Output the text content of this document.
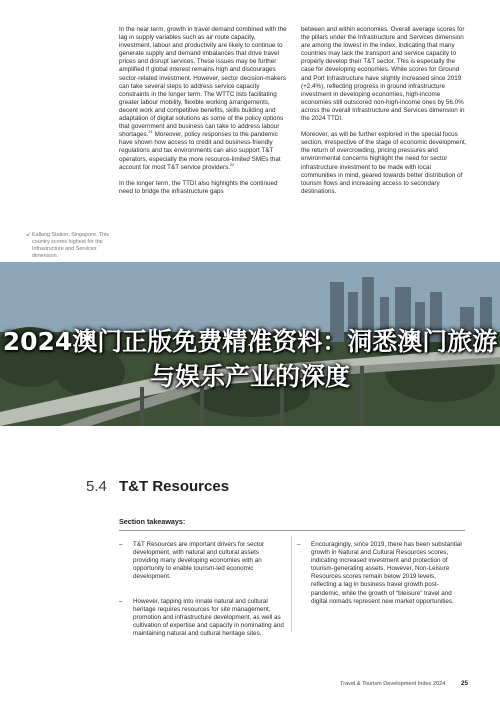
↙ Kallang Station, Singapore. This country scores highest for the Infrastructure and Services dimension.

In the near term, growth in travel demand combined with the lag in supply variables such as air route capacity, investment, labour and productivity are likely to continue to generate supply and demand imbalances that drive travel prices and disrupt services. These issues may be further amplified if global interest remains high and discourages sector-related investment. However, sector decision-makers can take several steps to address service capacity constraints in the longer term. The WTTC lists facilitating greater labour mobility, flexible working arrangements, decent work and competitive benefits, skills building and adaptation of digital solutions as some of the policy options that government and business can take to address labour shortages.$^{21}$ Moreover, policy responses to the pandemic have shown how access to credit and business-friendly regulations and tax environments can also support T&T operators, especially the more resource-limited SMEs that account for most T&T service providers.$^{22}$

In the longer term, the TTDI also highlights the continued need to bridge the infrastructure gaps

between and within economies. Overall average scores for the pillars under the Infrastructure and Services dimension are among the lowest in the index, indicating that many countries may lack the transport and service capacity to properly develop their T&T sector. This is especially the case for developing economies. While scores for Ground and Port Infrastructure have slightly increased since 2019 (+2.4%), reflecting progress in ground infrastructure investment in developing economies, high-income economies still outscored non-high-income ones by 56.0% across the overall Infrastructure and Services dimension in the 2024 TTDI.

Moreover, as will be further explored in the special focus section, irrespective of the stage of economic development, the return of overcrowding, pricing pressures and environmental concerns highlight the need for sector infrastructure investment to be made with local communities in mind, geared towards better distribution of tourism flows and increasing access to secondary destinations.

2024澳门正版免费精准资料：洞悉澳门旅游与娱乐产业的深度
5.4 T&T Resources
Section takeaways:
– T&T Resources are important drivers for sector development, with natural and cultural assets providing many developing economies with an opportunity to enable tourism-led economic development.
– However, tapping into innate natural and cultural heritage requires resources for site management, promotion and infrastructure development, as well as cultivation of expertise and capacity in nominating and maintaining natural and cultural heritage sites.
– Encouragingly, since 2019, there has been substantial growth in Natural and Cultural Resources scores, indicating increased investment and protection of tourism-generating assets. However, Non-Leisure Resources scores remain below 2019 levels, reflecting a lag in business travel growth post-pandemic, while the growth of “bleisure” travel and digital nomads represent new market opportunities.
Travel & Tourism Development Index 2024 25
